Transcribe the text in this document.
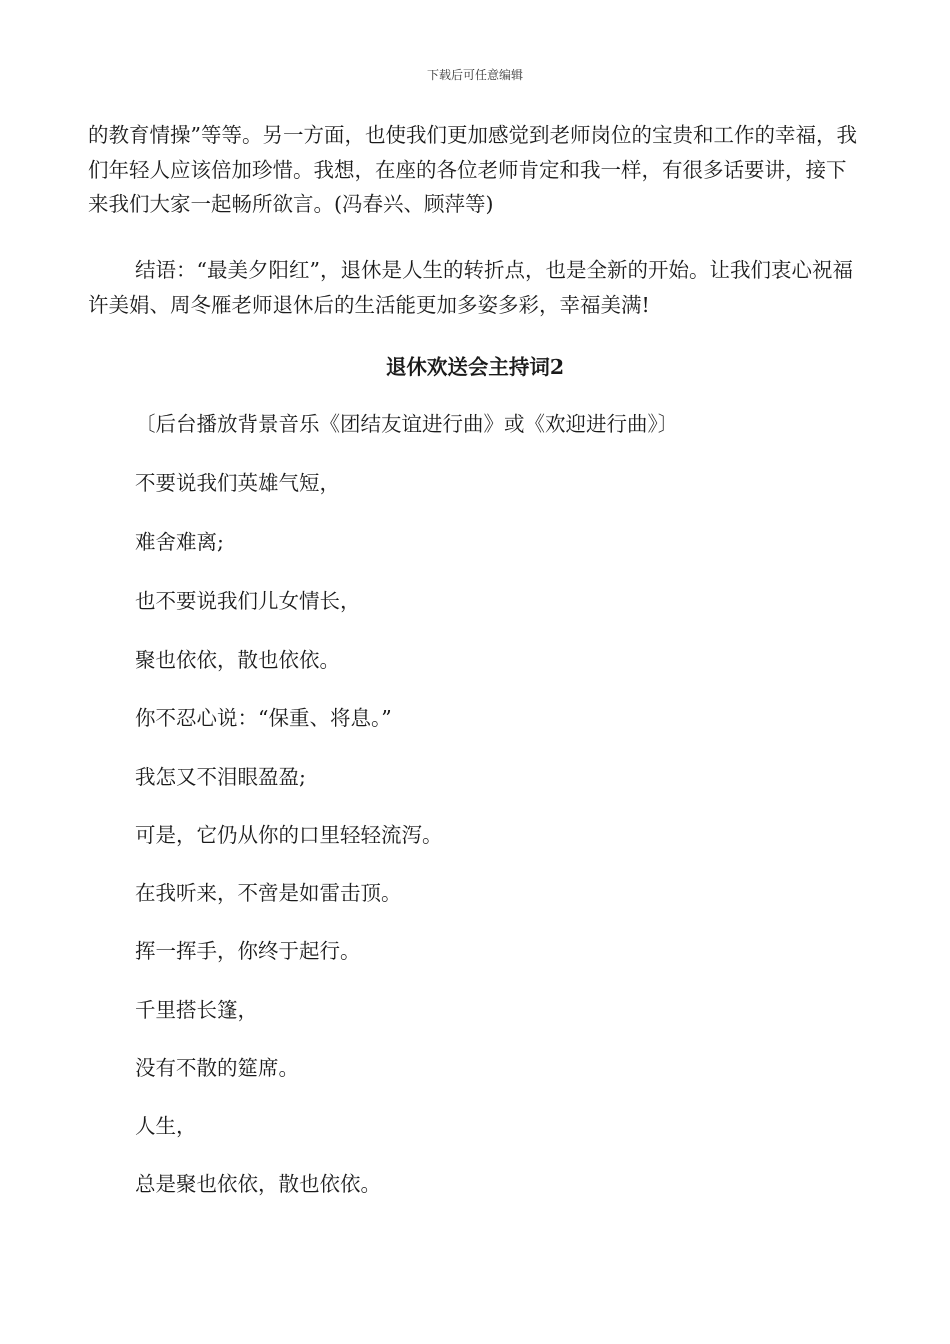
下载后可任意编辑

的教育情操”等等。另一方面，也使我们更加感觉到老师岗位的宝贵和工作的幸福，我们年轻人应该倍加珍惜。我想，在座的各位老师肯定和我一样，有很多话要讲，接下来我们大家一起畅所欲言。(冯春兴、顾萍等)

结语：“最美夕阳红”，退休是人生的转折点，也是全新的开始。让我们衷心祝福许美娟、周冬雁老师退休后的生活能更加多姿多彩，幸福美满!

退休欢送会主持词2

〔后台播放背景音乐《团结友谊进行曲》或《欢迎进行曲》〕

不要说我们英雄气短，

难舍难离;

也不要说我们儿女情长，

聚也依依，散也依依。

你不忍心说：“保重、将息。”

我怎又不泪眼盈盈;

可是，它仍从你的口里轻轻流泻。

在我听来，不啻是如雷击顶。

挥一挥手，你终于起行。

千里搭长篷，

没有不散的筵席。

人生，

总是聚也依依，散也依依。
